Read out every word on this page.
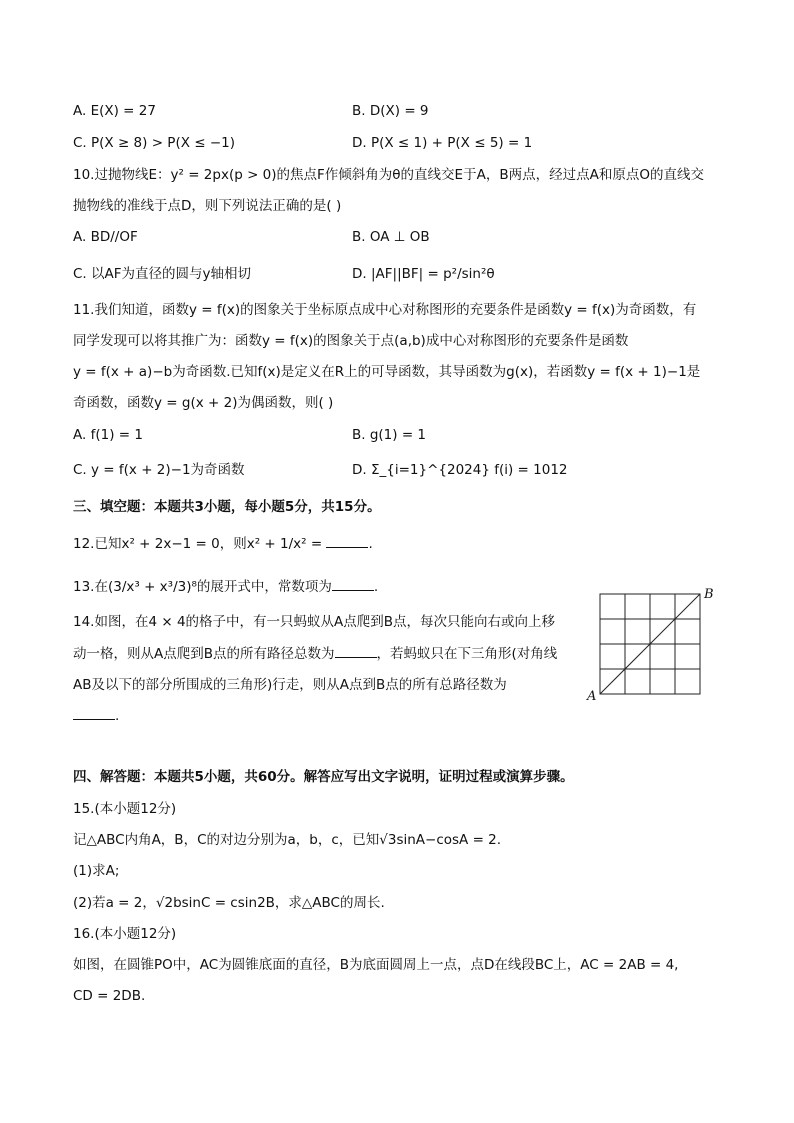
A. E(X) = 27	B. D(X) = 9
C. P(X ≥ 8) > P(X ≤ −1)	D. P(X ≤ 1) + P(X ≤ 5) = 1
10.过抛物线E：y² = 2px(p > 0)的焦点F作倾斜角为θ的直线交E于A，B两点，经过点A和原点O的直线交
抛物线的准线于点D，则下列说法正确的是( )
A. BD//OF	B. OA ⊥ OB
C. 以AF为直径的圆与y轴相切	D. |AF||BF| = p²/sin²θ
11.我们知道，函数y = f(x)的图象关于坐标原点成中心对称图形的充要条件是函数y = f(x)为奇函数，有
同学发现可以将其推广为：函数y = f(x)的图象关于点(a,b)成中心对称图形的充要条件是函数
y = f(x + a)−b为奇函数.已知f(x)是定义在R上的可导函数，其导函数为g(x)，若函数y = f(x + 1)−1是
奇函数，函数y = g(x + 2)为偶函数，则( )
A. f(1) = 1	B. g(1) = 1
C. y = f(x + 2)−1为奇函数	D. Σ_{i=1}^{2024} f(i) = 1012
三、填空题：本题共3小题，每小题5分，共15分。
12.已知x² + 2x−1 = 0，则x² + 1/x² =	.
13.在(3/x³ + x³/3)⁸的展开式中，常数项为	.
14.如图，在4 × 4的格子中，有一只蚂蚁从A点爬到B点，每次只能向右或向上移
动一格，则从A点爬到B点的所有路径总数为	，若蚂蚁只在下三角形(对角线
AB及以下的部分所围成的三角形)行走，则从A点到B点的所有总路径数为
.
A
B
四、解答题：本题共5小题，共60分。解答应写出文字说明，证明过程或演算步骤。
15.(本小题12分)
记△ABC内角A，B，C的对边分别为a，b，c，已知√3sinA−cosA = 2.
(1)求A;
(2)若a = 2，√2bsinC = csin2B，求△ABC的周长.
16.(本小题12分)
如图，在圆锥PO中，AC为圆锥底面的直径，B为底面圆周上一点，点D在线段BC上，AC = 2AB = 4,
CD = 2DB.
